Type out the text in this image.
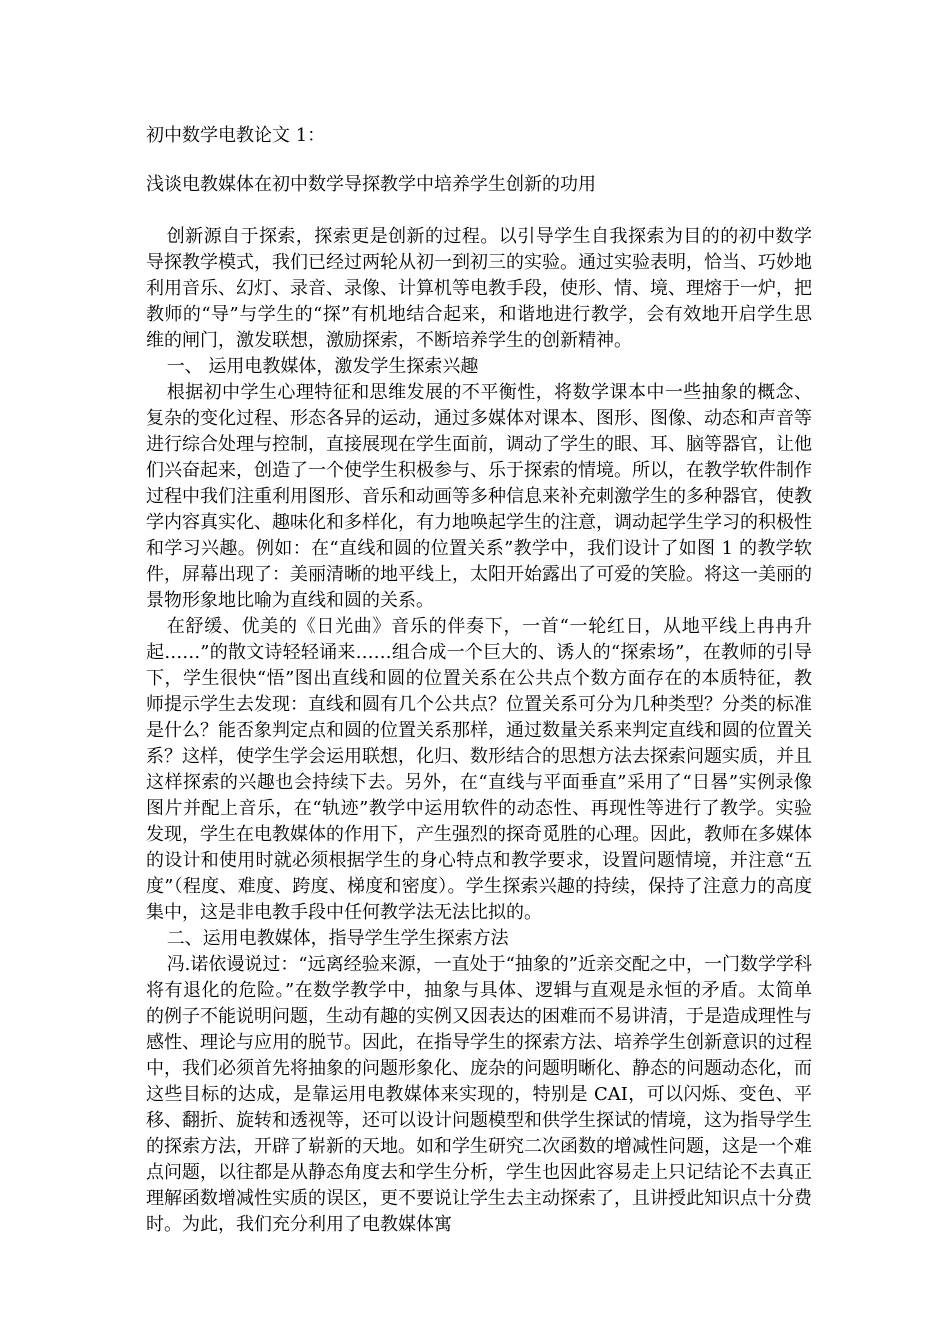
初中数学电教论文 1：
浅谈电教媒体在初中数学导探教学中培养学生创新的功用

创新源自于探索，探索更是创新的过程。以引导学生自我探索为目的的初中数学导探教学模式，我们已经过两轮从初一到初三的实验。通过实验表明，恰当、巧妙地利用音乐、幻灯、录音、录像、计算机等电教手段，使形、情、境、理熔于一炉，把教师的“导”与学生的“探”有机地结合起来，和谐地进行教学，会有效地开启学生思维的闸门，激发联想，激励探索，不断培养学生的创新精神。

一、 运用电教媒体，激发学生探索兴趣

根据初中学生心理特征和思维发展的不平衡性，将数学课本中一些抽象的概念、复杂的变化过程、形态各异的运动，通过多媒体对课本、图形、图像、动态和声音等进行综合处理与控制，直接展现在学生面前，调动了学生的眼、耳、脑等器官，让他们兴奋起来，创造了一个使学生积极参与、乐于探索的情境。所以，在教学软件制作过程中我们注重利用图形、音乐和动画等多种信息来补充刺激学生的多种器官，使教学内容真实化、趣味化和多样化，有力地唤起学生的注意，调动起学生学习的积极性和学习兴趣。例如：在“直线和圆的位置关系”教学中，我们设计了如图 1 的教学软件，屏幕出现了：美丽清晰的地平线上，太阳开始露出了可爱的笑脸。将这一美丽的景物形象地比喻为直线和圆的关系。

在舒缓、优美的《日光曲》音乐的伴奏下，一首“一轮红日，从地平线上冉冉升起……”的散文诗轻轻诵来……组合成一个巨大的、诱人的“探索场”，在教师的引导下，学生很快“悟”图出直线和圆的位置关系在公共点个数方面存在的本质特征，教师提示学生去发现：直线和圆有几个公共点？位置关系可分为几种类型？分类的标准是什么？能否象判定点和圆的位置关系那样，通过数量关系来判定直线和圆的位置关系？这样，使学生学会运用联想，化归、数形结合的思想方法去探索问题实质，并且这样探索的兴趣也会持续下去。另外，在“直线与平面垂直”采用了“日晷”实例录像图片并配上音乐，在“轨迹”教学中运用软件的动态性、再现性等进行了教学。实验发现，学生在电教媒体的作用下，产生强烈的探奇觅胜的心理。因此，教师在多媒体的设计和使用时就必须根据学生的身心特点和教学要求，设置问题情境，并注意“五度”（程度、难度、跨度、梯度和密度）。学生探索兴趣的持续，保持了注意力的高度集中，这是非电教手段中任何教学法无法比拟的。

二、运用电教媒体，指导学生学生探索方法

冯.诺依谩说过：“远离经验来源，一直处于“抽象的”近亲交配之中，一门数学学科将有退化的危险。”在数学教学中，抽象与具体、逻辑与直观是永恒的矛盾。太简单的例子不能说明问题，生动有趣的实例又因表达的困难而不易讲清，于是造成理性与感性、理论与应用的脱节。因此，在指导学生的探索方法、培养学生创新意识的过程中，我们必须首先将抽象的问题形象化、庞杂的问题明晰化、静态的问题动态化，而这些目标的达成，是靠运用电教媒体来实现的，特别是 CAI，可以闪烁、变色、平移、翻折、旋转和透视等，还可以设计问题模型和供学生探试的情境，这为指导学生的探索方法，开辟了崭新的天地。如和学生研究二次函数的增减性问题，这是一个难点问题，以往都是从静态角度去和学生分析，学生也因此容易走上只记结论不去真正理解函数增减性实质的误区，更不要说让学生去主动探索了，且讲授此知识点十分费时。为此，我们充分利用了电教媒体寓
